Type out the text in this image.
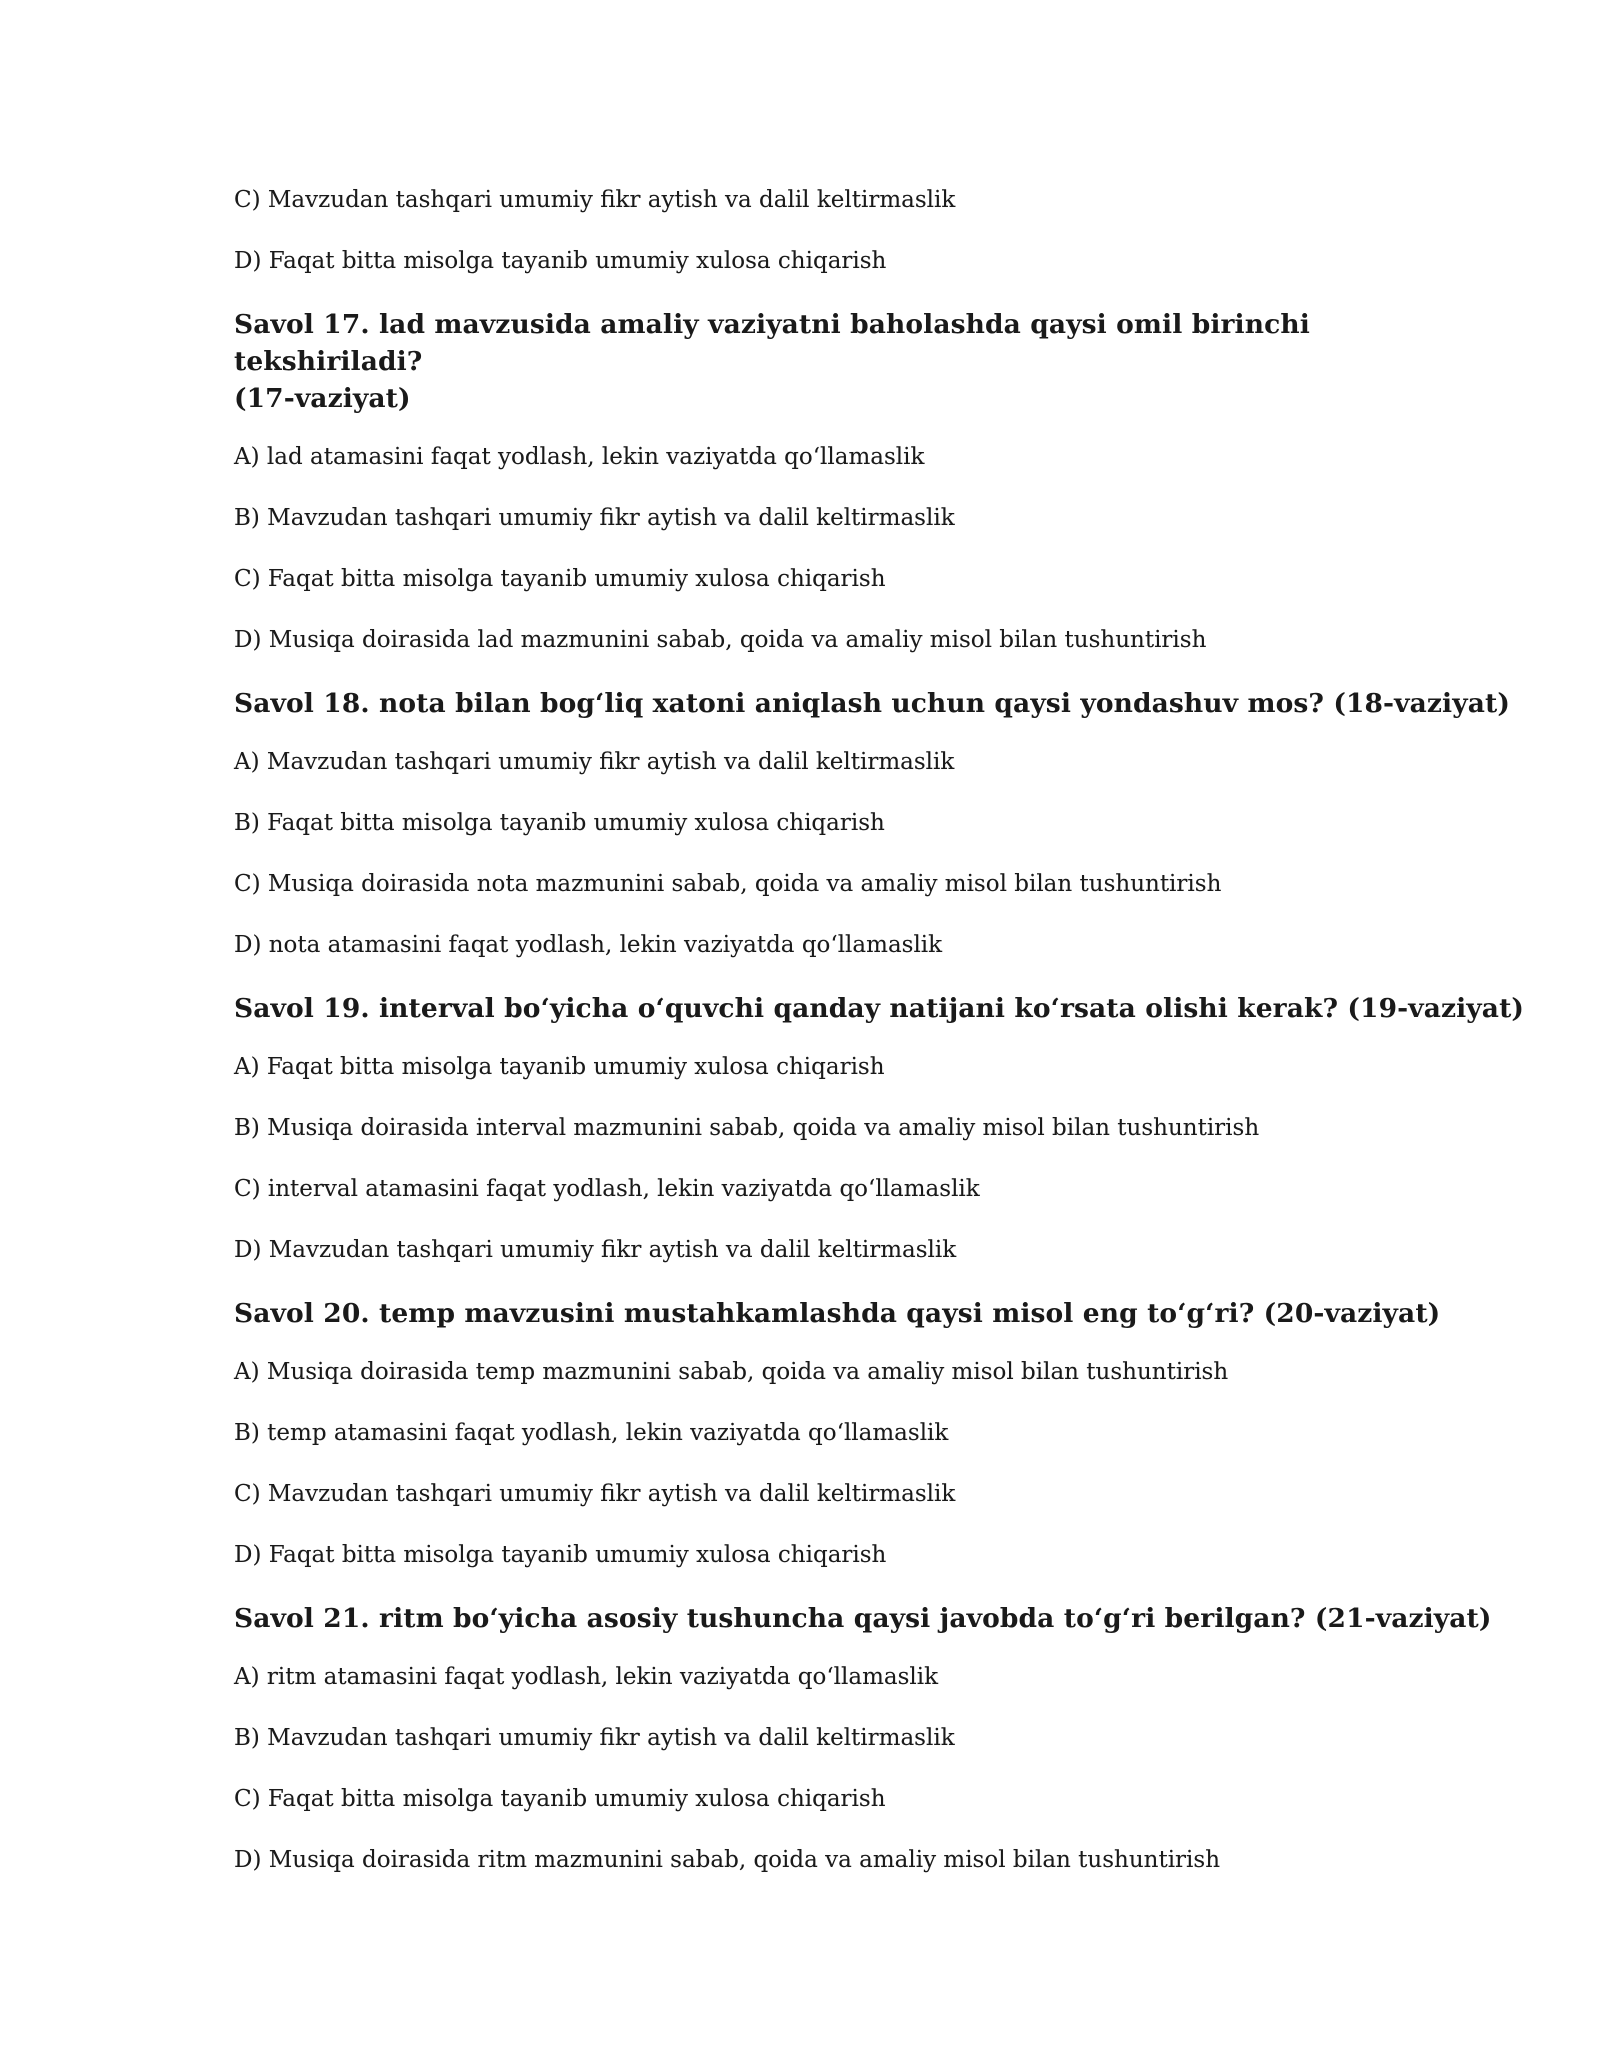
C) Mavzudan tashqari umumiy fikr aytish va dalil keltirmaslik
D) Faqat bitta misolga tayanib umumiy xulosa chiqarish
Savol 17. lad mavzusida amaliy vaziyatni baholashda qaysi omil birinchi tekshiriladi?
(17-vaziyat)
A) lad atamasini faqat yodlash, lekin vaziyatda qo‘llamaslik
B) Mavzudan tashqari umumiy fikr aytish va dalil keltirmaslik
C) Faqat bitta misolga tayanib umumiy xulosa chiqarish
D) Musiqa doirasida lad mazmunini sabab, qoida va amaliy misol bilan tushuntirish
Savol 18. nota bilan bog‘liq xatoni aniqlash uchun qaysi yondashuv mos? (18-vaziyat)
A) Mavzudan tashqari umumiy fikr aytish va dalil keltirmaslik
B) Faqat bitta misolga tayanib umumiy xulosa chiqarish
C) Musiqa doirasida nota mazmunini sabab, qoida va amaliy misol bilan tushuntirish
D) nota atamasini faqat yodlash, lekin vaziyatda qo‘llamaslik
Savol 19. interval bo‘yicha o‘quvchi qanday natijani ko‘rsata olishi kerak? (19-vaziyat)
A) Faqat bitta misolga tayanib umumiy xulosa chiqarish
B) Musiqa doirasida interval mazmunini sabab, qoida va amaliy misol bilan tushuntirish
C) interval atamasini faqat yodlash, lekin vaziyatda qo‘llamaslik
D) Mavzudan tashqari umumiy fikr aytish va dalil keltirmaslik
Savol 20. temp mavzusini mustahkamlashda qaysi misol eng to‘g‘ri? (20-vaziyat)
A) Musiqa doirasida temp mazmunini sabab, qoida va amaliy misol bilan tushuntirish
B) temp atamasini faqat yodlash, lekin vaziyatda qo‘llamaslik
C) Mavzudan tashqari umumiy fikr aytish va dalil keltirmaslik
D) Faqat bitta misolga tayanib umumiy xulosa chiqarish
Savol 21. ritm bo‘yicha asosiy tushuncha qaysi javobda to‘g‘ri berilgan? (21-vaziyat)
A) ritm atamasini faqat yodlash, lekin vaziyatda qo‘llamaslik
B) Mavzudan tashqari umumiy fikr aytish va dalil keltirmaslik
C) Faqat bitta misolga tayanib umumiy xulosa chiqarish
D) Musiqa doirasida ritm mazmunini sabab, qoida va amaliy misol bilan tushuntirish
